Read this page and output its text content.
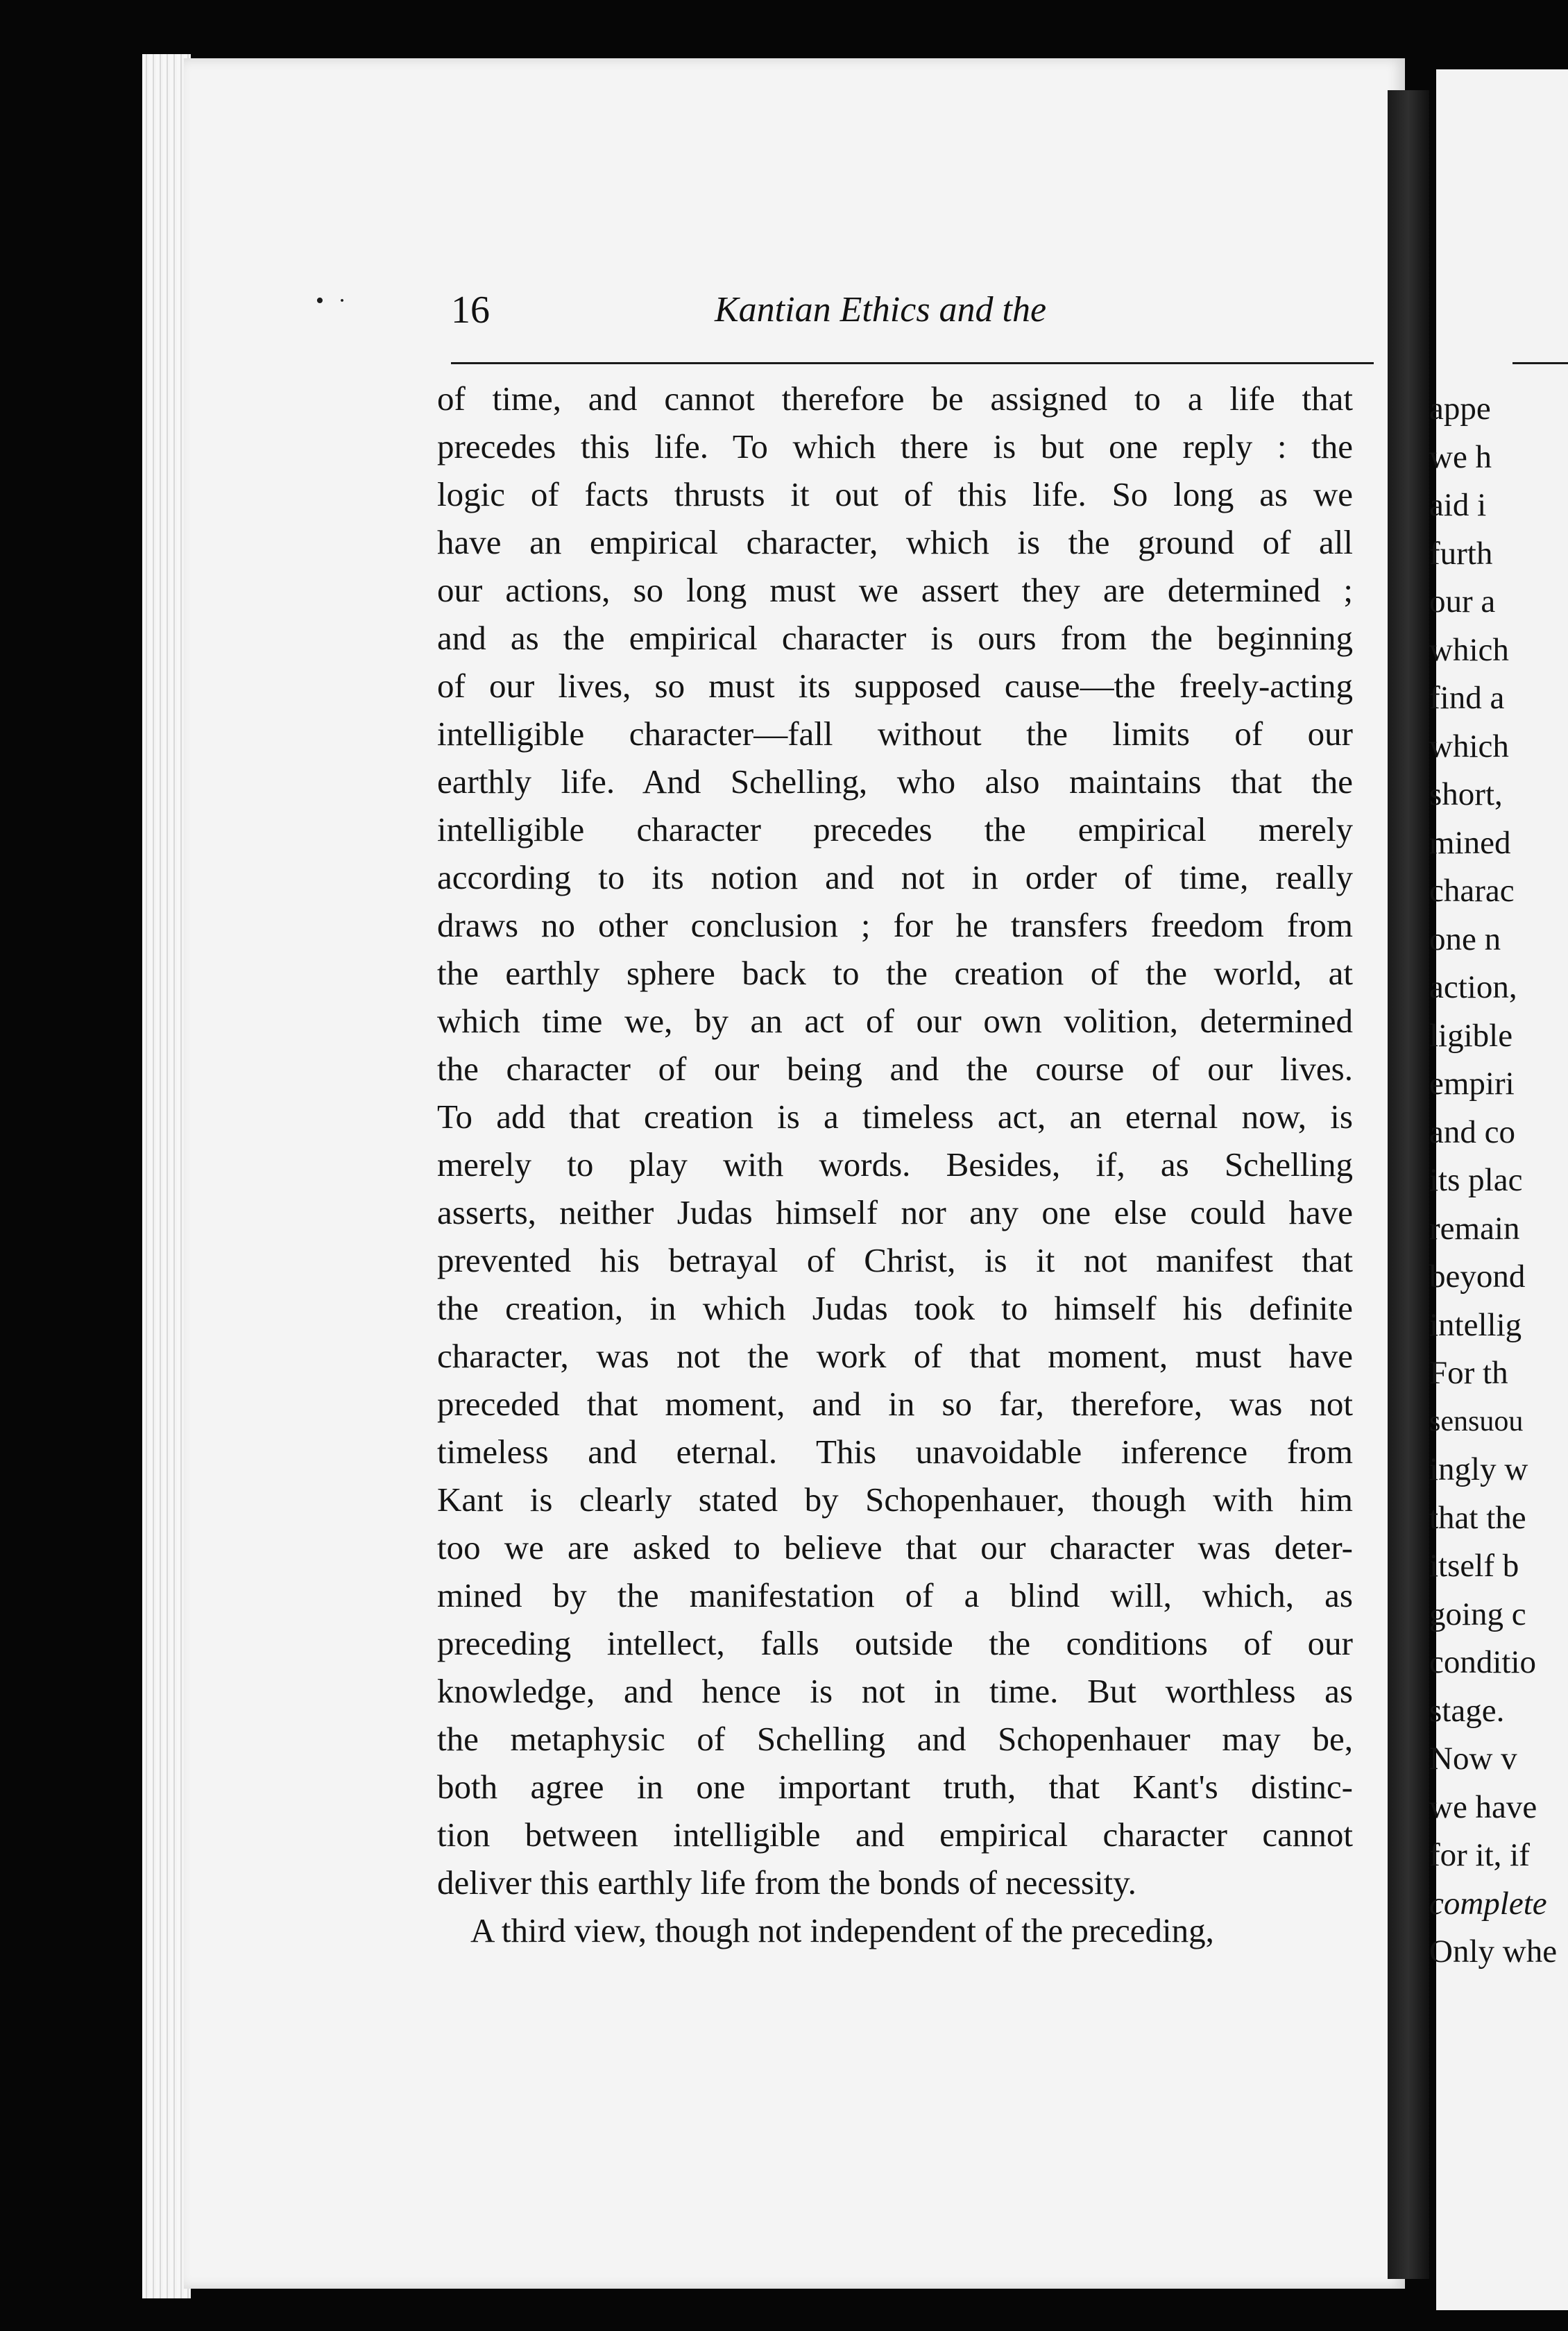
• ·	16	Kantian Ethics and the
of time, and cannot therefore be assigned to a life that
precedes this life. To which there is but one reply : the
logic of facts thrusts it out of this life. So long as we
have an empirical character, which is the ground of all
our actions, so long must we assert they are determined ;
and as the empirical character is ours from the beginning
of our lives, so must its supposed cause—the freely-acting
intelligible character—fall without the limits of our
earthly life. And Schelling, who also maintains that the
intelligible character precedes the empirical merely
according to its notion and not in order of time, really
draws no other conclusion ; for he transfers freedom from
the earthly sphere back to the creation of the world, at
which time we, by an act of our own volition, determined
the character of our being and the course of our lives.
To add that creation is a timeless act, an eternal now, is
merely to play with words. Besides, if, as Schelling
asserts, neither Judas himself nor any one else could have
prevented his betrayal of Christ, is it not manifest that
the creation, in which Judas took to himself his definite
character, was not the work of that moment, must have
preceded that moment, and in so far, therefore, was not
timeless and eternal. This unavoidable inference from
Kant is clearly stated by Schopenhauer, though with him
too we are asked to believe that our character was deter-
mined by the manifestation of a blind will, which, as
preceding intellect, falls outside the conditions of our
knowledge, and hence is not in time. But worthless as
the metaphysic of Schelling and Schopenhauer may be,
both agree in one important truth, that Kant's distinc-
tion between intelligible and empirical character cannot
deliver this earthly life from the bonds of necessity.
A third view, though not independent of the preceding,
appe
we h
aid i
furth
our a
which
find a
which
short,
mined
charac
one n
action,
ligible
empiri
and co
its plac
remain
beyond
intellig
For th
sensuou
ingly w
that the
itself b
going c
conditio
stage.
Now v
we have
for it, if
complete
Only whe
